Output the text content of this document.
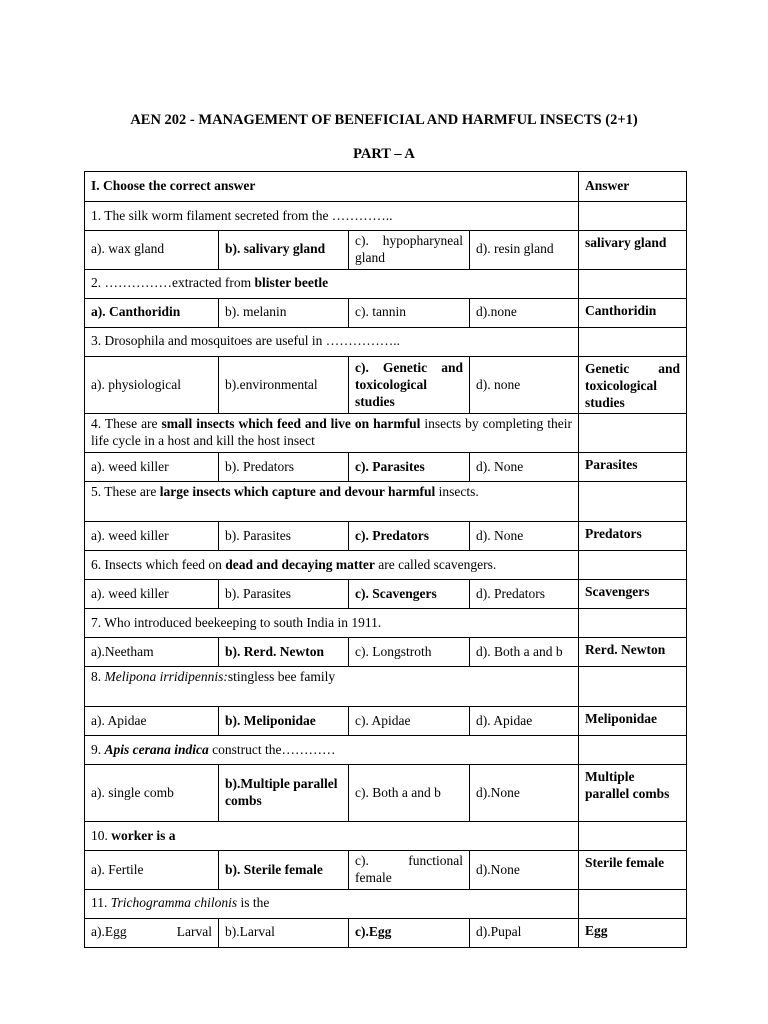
AEN 202 - MANAGEMENT OF BENEFICIAL AND HARMFUL INSECTS (2+1)
PART – A
I. Choose the correct answer				Answer
1. The silk worm filament secreted from the …………..				
a). wax gland	b). salivary gland	c). hypopharyneal gland	d). resin gland	salivary gland
2. ……………extracted from blister beetle				
a). Canthoridin	b). melanin	c). tannin	d).none	Canthoridin
3. Drosophila and mosquitoes are useful in ……………..				
a). physiological	b).environmental	c). Genetic and toxicological studies	d). none	Genetic and toxicological studies
4. These are small insects which feed and live on harmful insects by completing their life cycle in a host and kill the host insect				
a). weed killer	b). Predators	c). Parasites	d). None	Parasites
5. These are large insects which capture and devour harmful insects.				
a). weed killer	b). Parasites	c). Predators	d). None	Predators
6. Insects which feed on dead and decaying matter are called scavengers.				
a). weed killer	b). Parasites	c). Scavengers	d). Predators	Scavengers
7. Who introduced beekeeping to south India in 1911.				
a).Neetham	b). Rerd. Newton	c). Longstroth	d). Both a and b	Rerd. Newton
8. Melipona irridipennis:stingless bee family				
a). Apidae	b). Meliponidae	c). Apidae	d). Apidae	Meliponidae
9. Apis cerana indica construct the…………				
a). single comb	b).Multiple parallel combs	c). Both a and b	d).None	Multiple parallel combs
10. worker is a				
a). Fertile	b). Sterile female	c). functional female	d).None	Sterile female
11. Trichogramma chilonis is the				
a).Egg Larval	b).Larval	c).Egg	d).Pupal	Egg
